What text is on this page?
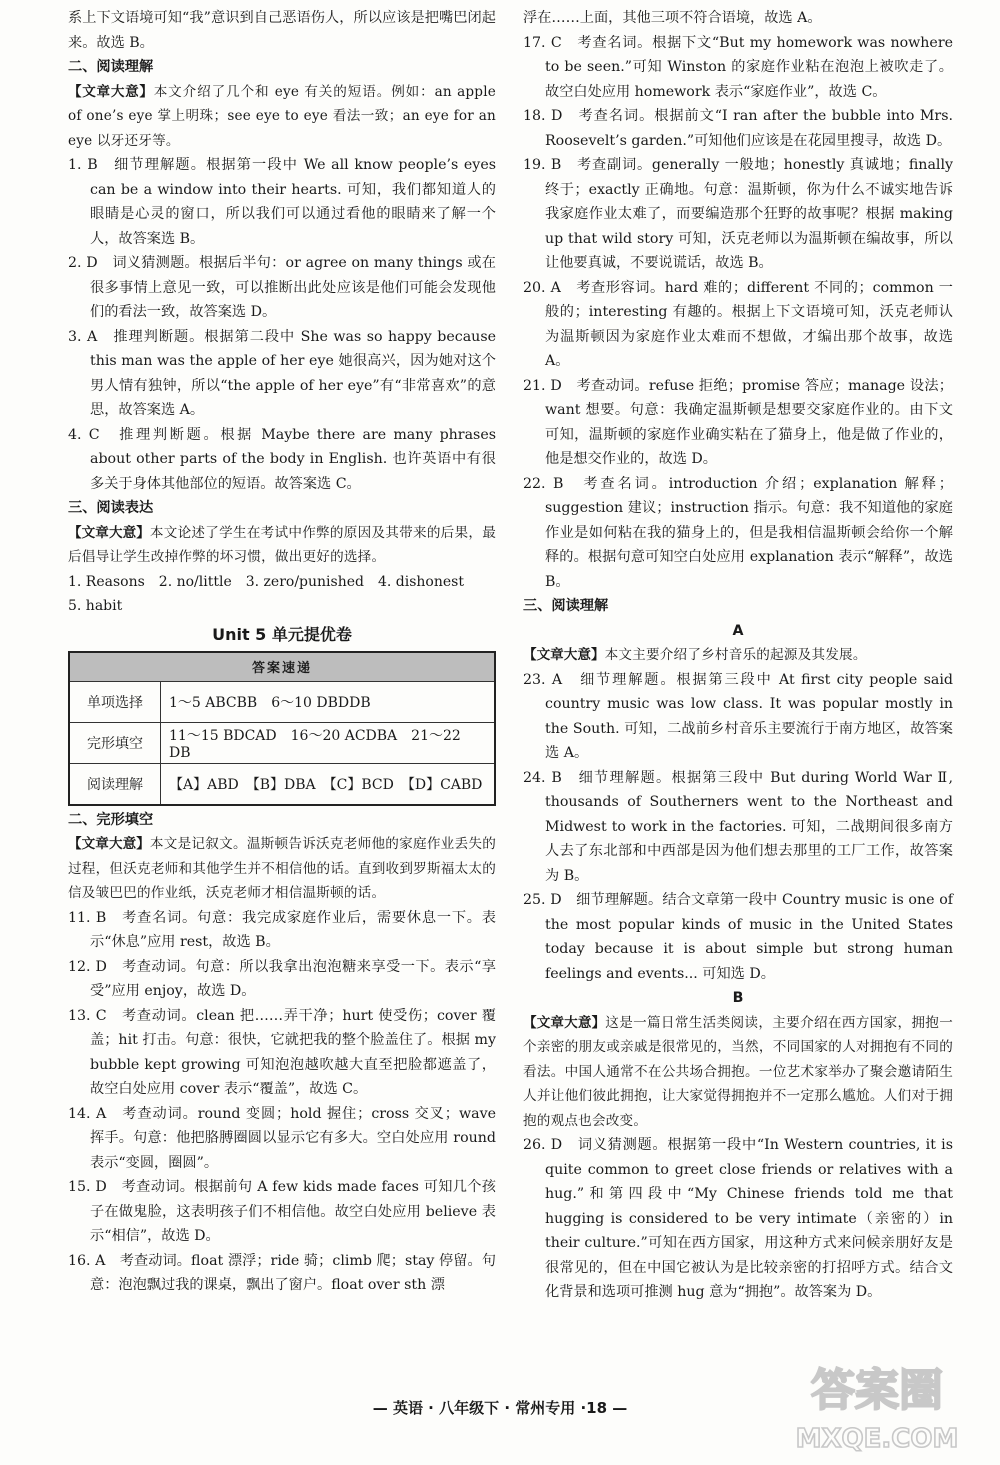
系上下文语境可知“我”意识到自己恶语伤人，所以应该是把嘴巴闭起来。故选 B。

二、阅读理解

【文章大意】本文介绍了几个和 eye 有关的短语。例如：an apple of one’s eye 掌上明珠；see eye to eye 看法一致；an eye for an eye 以牙还牙等。

1. B　细节理解题。根据第一段中 We all know people’s eyes can be a window into their hearts. 可知，我们都知道人的眼睛是心灵的窗口，所以我们可以通过看他的眼睛来了解一个人，故答案选 B。

2. D　词义猜测题。根据后半句：or agree on many things 或在很多事情上意见一致，可以推断出此处应该是他们可能会发现他们的看法一致，故答案选 D。

3. A　推理判断题。根据第二段中 She was so happy because this man was the apple of her eye 她很高兴，因为她对这个男人情有独钟，所以“the apple of her eye”有“非常喜欢”的意思，故答案选 A。

4. C　推理判断题。根据 Maybe there are many phrases about other parts of the body in English. 也许英语中有很多关于身体其他部位的短语。故答案选 C。

三、阅读表达

【文章大意】本文论述了学生在考试中作弊的原因及其带来的后果，最后倡导让学生改掉作弊的坏习惯，做出更好的选择。

1. Reasons　2. no/little　3. zero/punished　4. dishonest
5. habit
Unit 5 单元提优卷
答案速递	
单项选择	1～5 ABCBB　6～10 DBDDB
完形填空	11～15 BDCAD　16～20 ACDBA　21～22 DB
阅读理解	【A】ABD　【B】DBA　【C】BCD　【D】CABD
二、完形填空

【文章大意】本文是记叙文。温斯顿告诉沃克老师他的家庭作业丢失的过程，但沃克老师和其他学生并不相信他的话。直到收到罗斯福太太的信及皱巴巴的作业纸，沃克老师才相信温斯顿的话。

11. B　考查名词。句意：我完成家庭作业后，需要休息一下。表示“休息”应用 rest，故选 B。

12. D　考查动词。句意：所以我拿出泡泡糖来享受一下。表示“享受”应用 enjoy，故选 D。

13. C　考查动词。clean 把……弄干净；hurt 使受伤；cover 覆盖；hit 打击。句意：很快，它就把我的整个脸盖住了。根据 my bubble kept growing 可知泡泡越吹越大直至把脸都遮盖了，故空白处应用 cover 表示“覆盖”，故选 C。

14. A　考查动词。round 变圆；hold 握住；cross 交叉；wave 挥手。句意：他把胳膊圈圆以显示它有多大。空白处应用 round 表示“变圆，圈圆”。

15. D　考查动词。根据前句 A few kids made faces 可知几个孩子在做鬼脸，这表明孩子们不相信他。故空白处应用 believe 表示“相信”，故选 D。

16. A　考查动词。float 漂浮；ride 骑；climb 爬；stay 停留。句意：泡泡飘过我的课桌，飘出了窗户。float over sth 漂

浮在……上面，其他三项不符合语境，故选 A。

17. C　考查名词。根据下文“But my homework was nowhere to be seen.”可知 Winston 的家庭作业粘在泡泡上被吹走了。故空白处应用 homework 表示“家庭作业”，故选 C。

18. D　考查名词。根据前文“I ran after the bubble into Mrs. Roosevelt’s garden.”可知他们应该是在花园里搜寻，故选 D。

19. B　考查副词。generally 一般地；honestly 真诚地；finally 终于；exactly 正确地。句意：温斯顿，你为什么不诚实地告诉我家庭作业太难了，而要编造那个狂野的故事呢？根据 making up that wild story 可知，沃克老师以为温斯顿在编故事，所以让他要真诚，不要说谎话，故选 B。

20. A　考查形容词。hard 难的；different 不同的；common 一般的；interesting 有趣的。根据上下文语境可知，沃克老师认为温斯顿因为家庭作业太难而不想做，才编出那个故事，故选 A。

21. D　考查动词。refuse 拒绝；promise 答应；manage 设法；want 想要。句意：我确定温斯顿是想要交家庭作业的。由下文可知，温斯顿的家庭作业确实粘在了猫身上，他是做了作业的，他是想交作业的，故选 D。

22. B　考查名词。introduction 介绍；explanation 解释；suggestion 建议；instruction 指示。句意：我不知道他的家庭作业是如何粘在我的猫身上的，但是我相信温斯顿会给你一个解释的。根据句意可知空白处应用 explanation 表示“解释”，故选 B。

三、阅读理解
A

【文章大意】本文主要介绍了乡村音乐的起源及其发展。

23. A　细节理解题。根据第三段中 At first city people said country music was low class. It was popular mostly in the South. 可知，二战前乡村音乐主要流行于南方地区，故答案选 A。

24. B　细节理解题。根据第三段中 But during World War Ⅱ, thousands of Southerners went to the Northeast and Midwest to work in the factories. 可知，二战期间很多南方人去了东北部和中西部是因为他们想去那里的工厂工作，故答案为 B。

25. D　细节理解题。结合文章第一段中 Country music is one of the most popular kinds of music in the United States today because it is about simple but strong human feelings and events... 可知选 D。

B

【文章大意】这是一篇日常生活类阅读，主要介绍在西方国家，拥抱一个亲密的朋友或亲戚是很常见的，当然，不同国家的人对拥抱有不同的看法。中国人通常不在公共场合拥抱。一位艺术家举办了聚会邀请陌生人并让他们彼此拥抱，让大家觉得拥抱并不一定那么尴尬。人们对于拥抱的观点也会改变。

26. D　词义猜测题。根据第一段中“In Western countries, it is quite common to greet close friends or relatives with a hug.”和第四段中“My Chinese friends told me that hugging is considered to be very intimate（亲密的）in their culture.”可知在西方国家，用这种方式来问候亲朋好友是很常见的，但在中国它被认为是比较亲密的打招呼方式。结合文化背景和选项可推测 hug 意为“拥抱”。故答案为 D。

— 英语 · 八年级下 · 常州专用 ·18 —	答案圈
MXQE.COM
